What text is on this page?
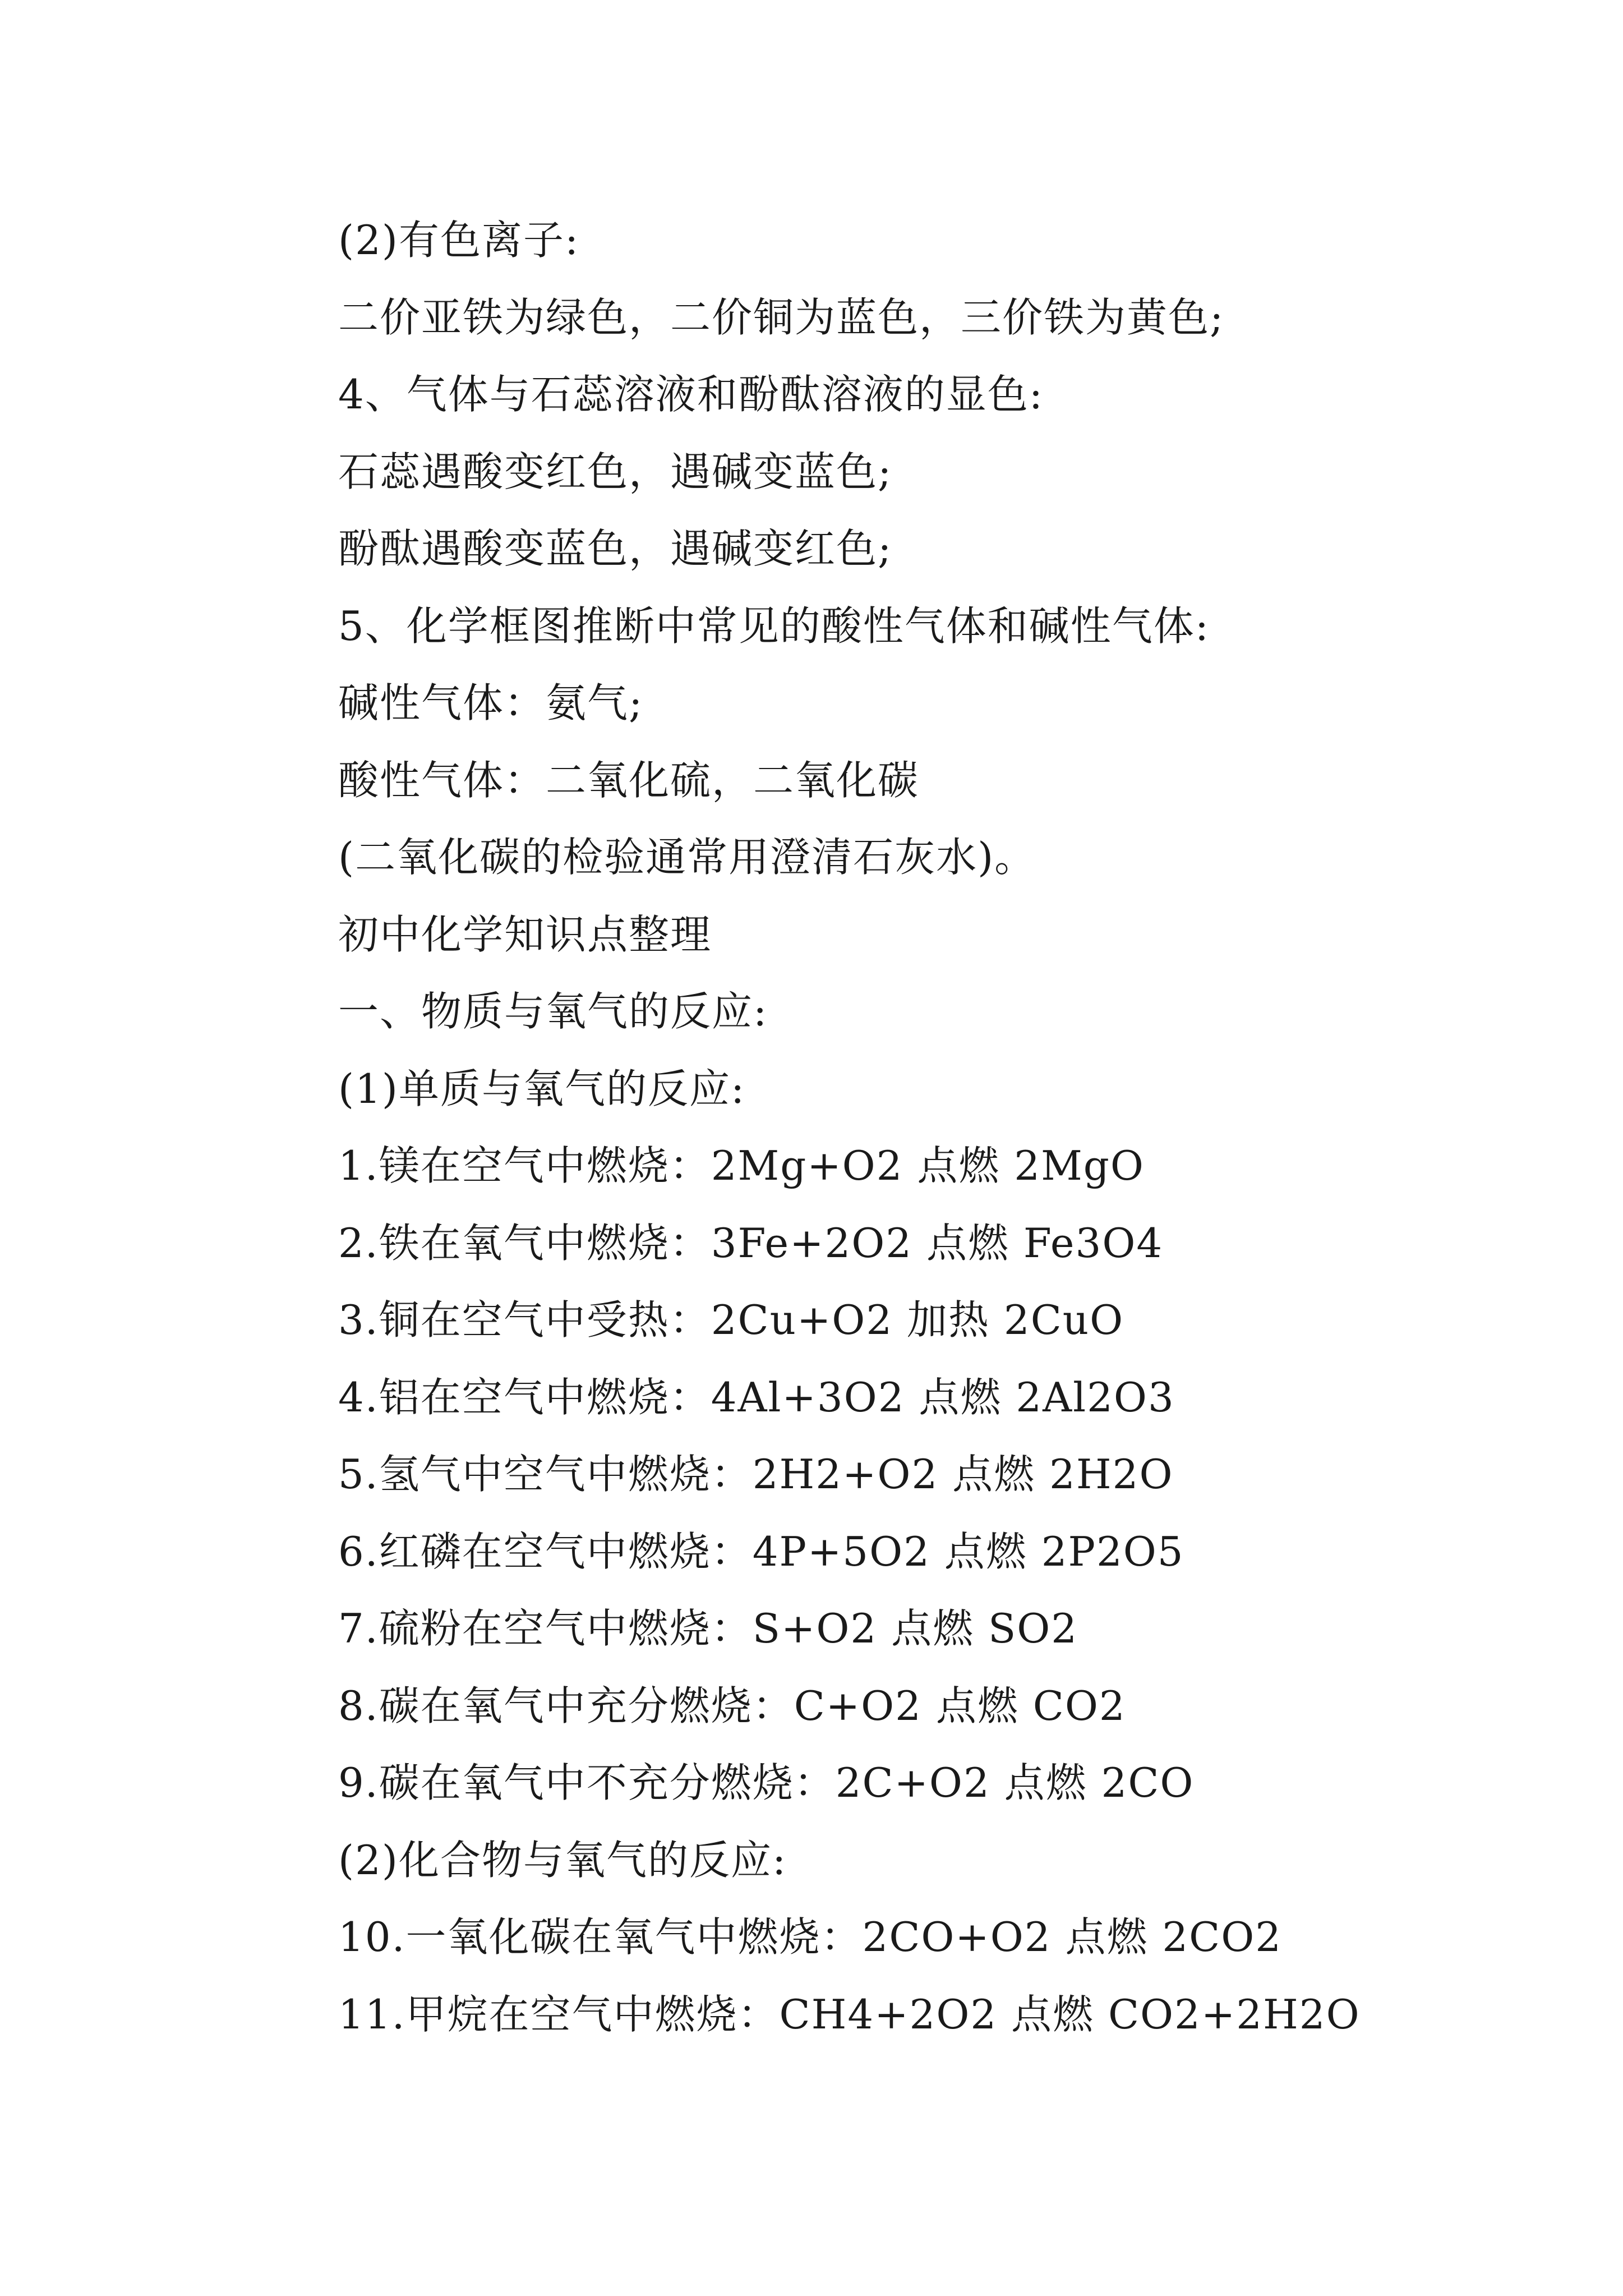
(2)有色离子:
二价亚铁为绿色，二价铜为蓝色，三价铁为黄色;
4、气体与石蕊溶液和酚酞溶液的显色:
石蕊遇酸变红色，遇碱变蓝色;
酚酞遇酸变蓝色，遇碱变红色;
5、化学框图推断中常见的酸性气体和碱性气体:
碱性气体：氨气;
酸性气体：二氧化硫，二氧化碳
(二氧化碳的检验通常用澄清石灰水)。
初中化学知识点整理
一、物质与氧气的反应:
(1)单质与氧气的反应:
1.镁在空气中燃烧：2Mg+O2 点燃 2MgO
2.铁在氧气中燃烧：3Fe+2O2 点燃 Fe3O4
3.铜在空气中受热：2Cu+O2 加热 2CuO
4.铝在空气中燃烧：4Al+3O2 点燃 2Al2O3
5.氢气中空气中燃烧：2H2+O2 点燃 2H2O
6.红磷在空气中燃烧：4P+5O2 点燃 2P2O5
7.硫粉在空气中燃烧：S+O2 点燃 SO2
8.碳在氧气中充分燃烧：C+O2 点燃 CO2
9.碳在氧气中不充分燃烧：2C+O2 点燃 2CO
(2)化合物与氧气的反应:
10.一氧化碳在氧气中燃烧：2CO+O2 点燃 2CO2
11.甲烷在空气中燃烧：CH4+2O2 点燃 CO2+2H2O
